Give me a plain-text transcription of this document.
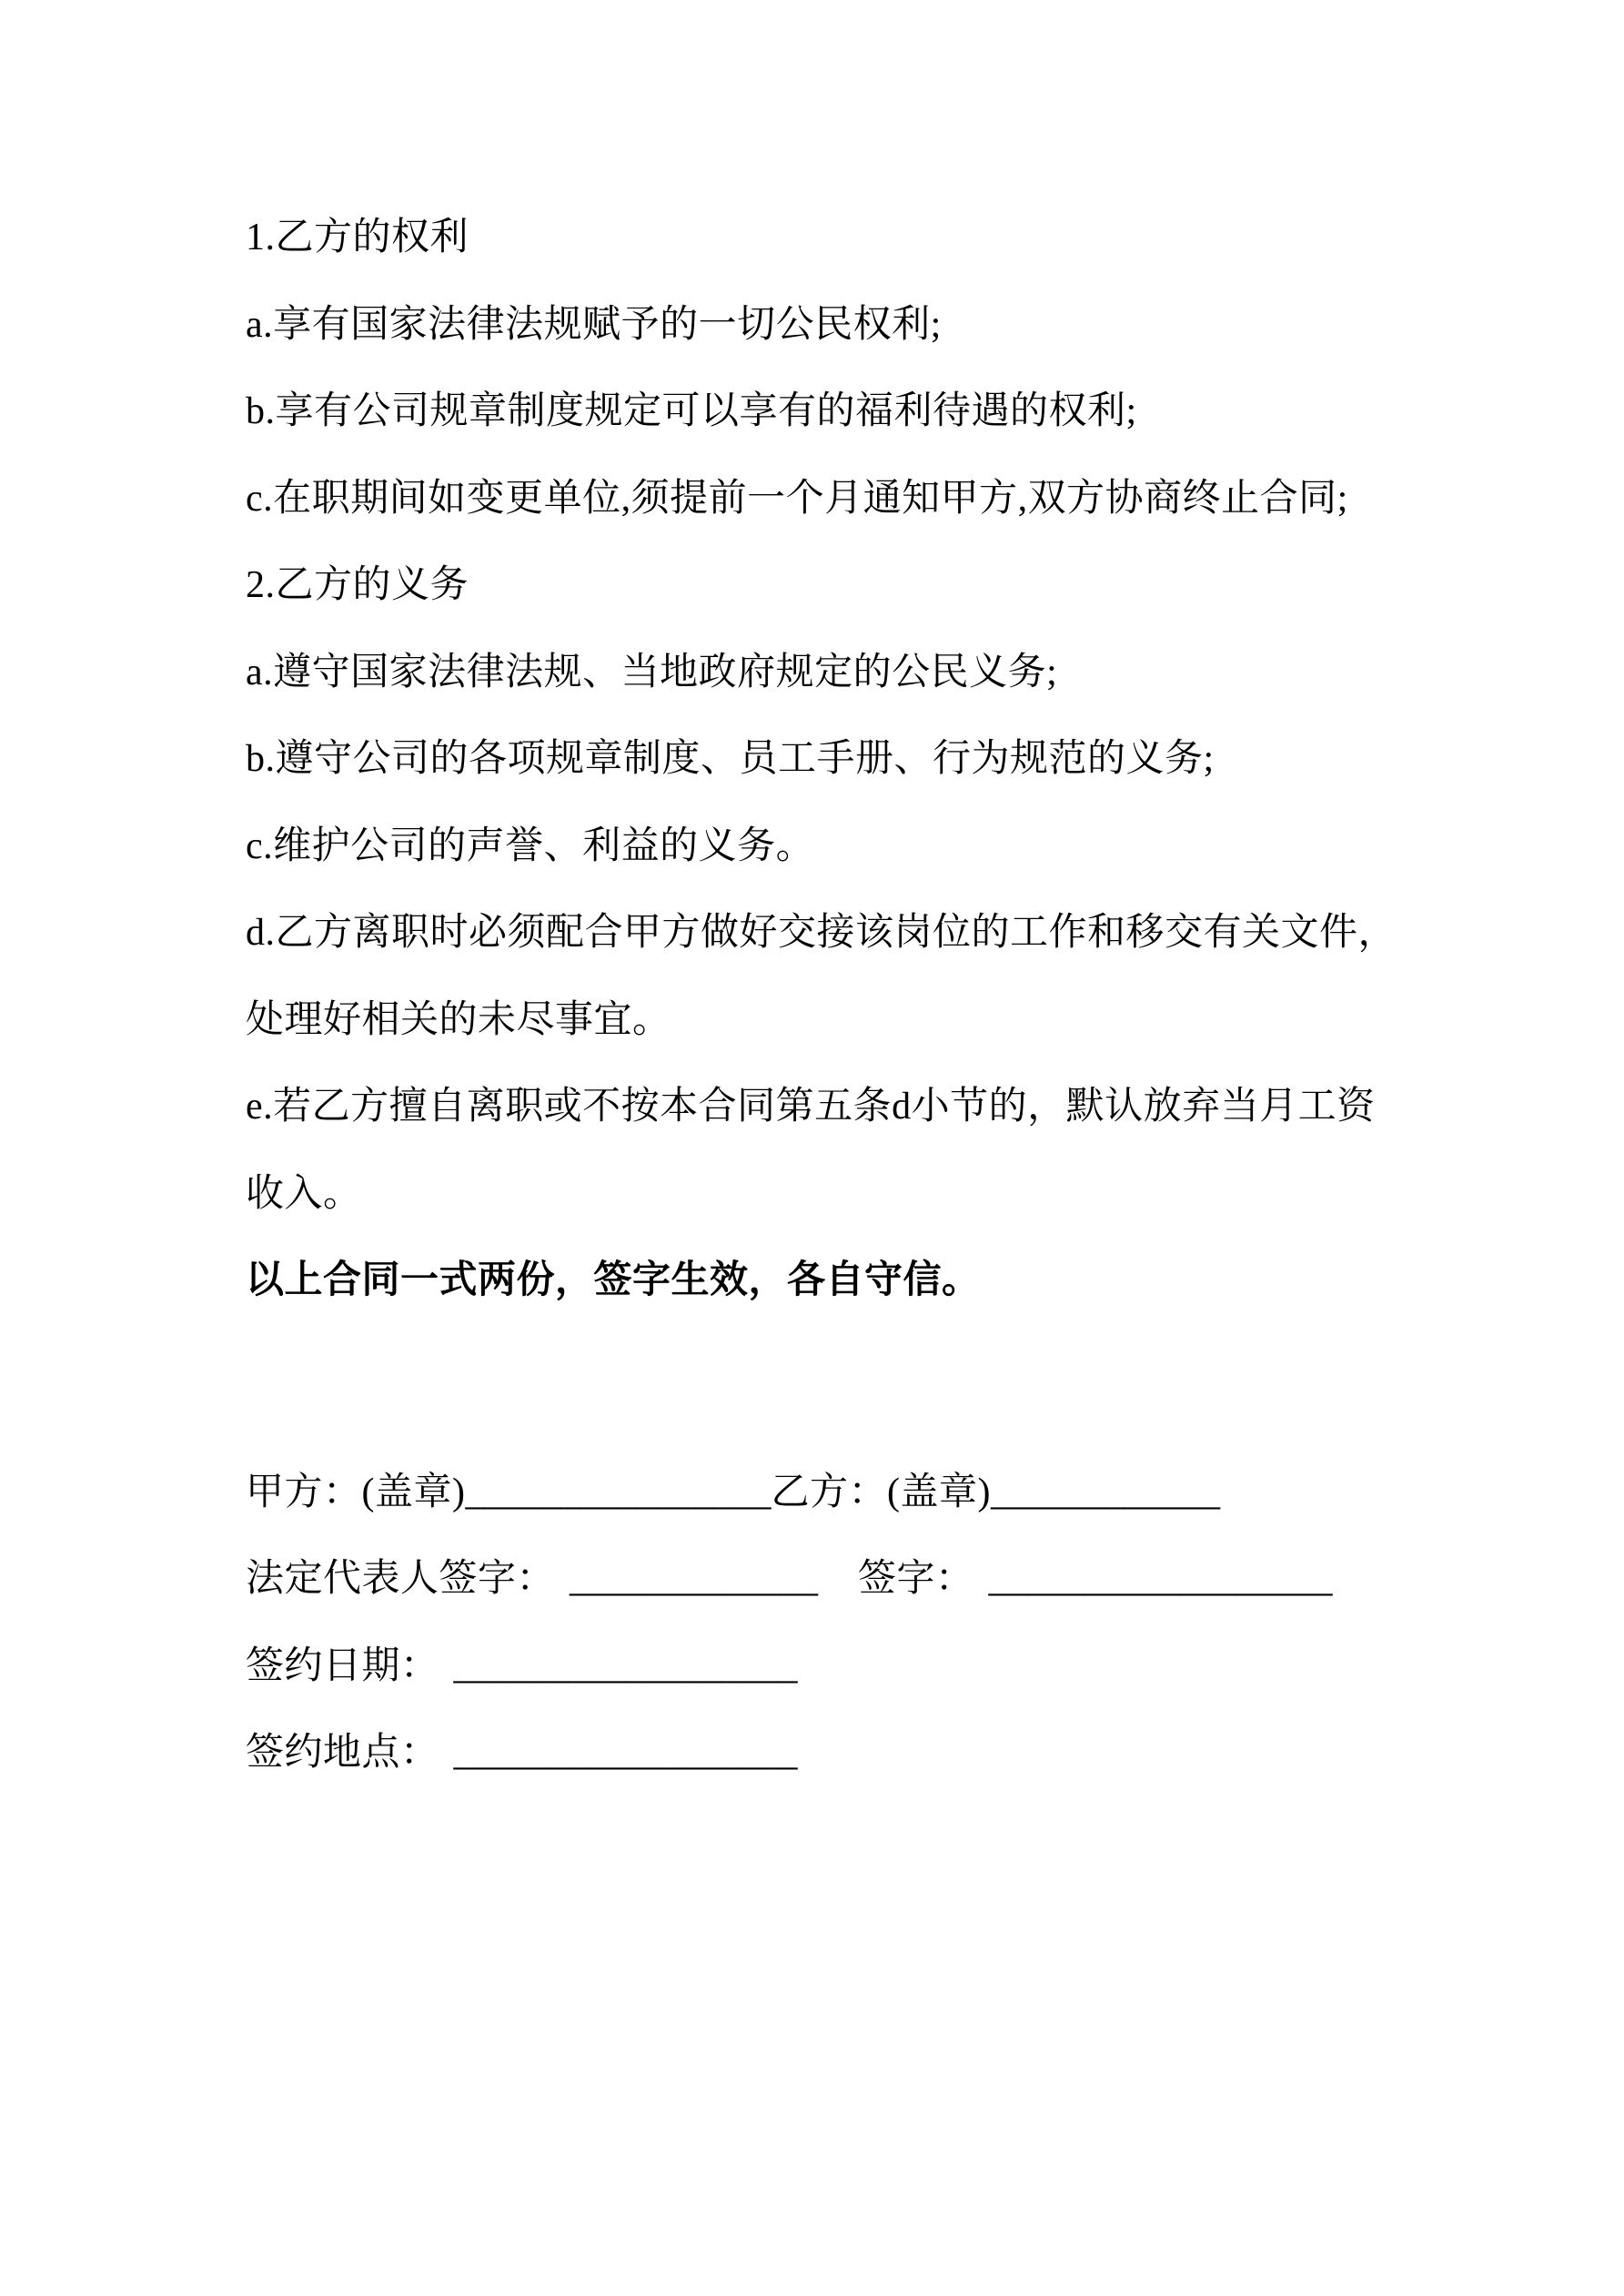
1.乙方的权利

a.享有国家法律法规赋予的一切公民权利;

b.享有公司规章制度规定可以享有的福利待遇的权利;

c.在职期间如变更单位,须提前一个月通知甲方,双方协商终止合同;

2.乙方的义务

a.遵守国家法律法规、当地政府规定的公民义务;

b.遵守公司的各项规章制度、员工手册、行为规范的义务;

c.维护公司的声誉、利益的义务。

d.乙方离职时必须配合甲方做好交接该岗位的工作和移交有关文件，

处理好相关的未尽事宜。

e.若乙方擅自离职或不按本合同第五条d小节的，默认放弃当月工资

收入。

以上合同一式两份，签字生效，各自守信。

甲方：(盖章)________________乙方：(盖章)____________

法定代表人签字： _____________ 签字： __________________

签约日期： __________________

签约地点： __________________
